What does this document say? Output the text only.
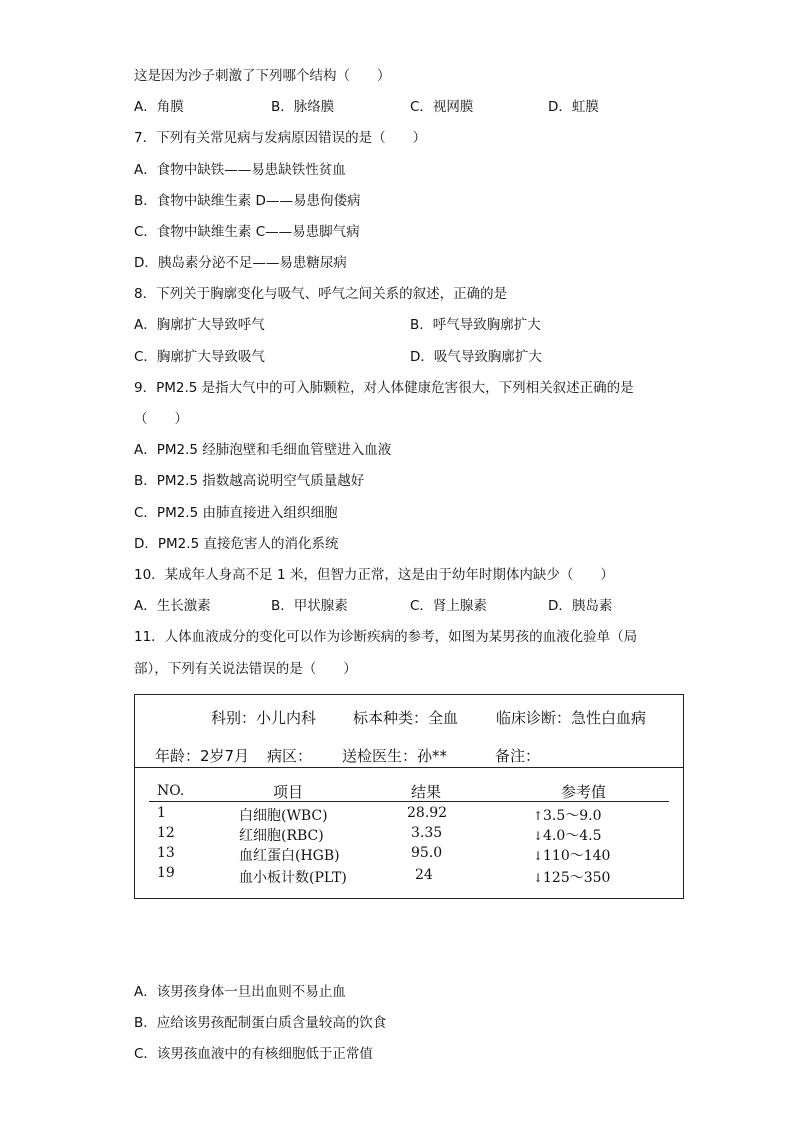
这是因为沙子刺激了下列哪个结构（　　）
A．角膜	B．脉络膜	C．视网膜	D．虹膜
7．下列有关常见病与发病原因错误的是（　　）
A．食物中缺铁——易患缺铁性贫血
B．食物中缺维生素 D——易患佝偻病
C．食物中缺维生素 C——易患脚气病
D．胰岛素分泌不足——易患糖尿病
8．下列关于胸廓变化与吸气、呼气之间关系的叙述，正确的是
A．胸廓扩大导致呼气	B．呼气导致胸廓扩大
C．胸廓扩大导致吸气	D．吸气导致胸廓扩大
9．PM2.5 是指大气中的可入肺颗粒，对人体健康危害很大，下列相关叙述正确的是
（　　）
A．PM2.5 经肺泡壁和毛细血管壁进入血液
B．PM2.5 指数越高说明空气质量越好
C．PM2.5 由肺直接进入组织细胞
D．PM2.5 直接危害人的消化系统
10．某成年人身高不足 1 米，但智力正常，这是由于幼年时期体内缺少（　　）
A．生长激素	B．甲状腺素	C．肾上腺素	D．胰岛素
11．人体血液成分的变化可以作为诊断疾病的参考，如图为某男孩的血液化验单（局
部），下列有关说法错误的是（　　）
科别：小儿内科 标本种类：全血	临床诊断：急性白血病
年龄：2岁7月 病区： 送检医生：孙**	备注：
NO.	项目	结果	参考值
1	白细胞(WBC)	28.92	↑3.5～9.0
12	红细胞(RBC)	3.35	↓4.0～4.5
13	血红蛋白(HGB)	95.0	↓110～140
19	血小板计数(PLT)	24	↓125～350
A．该男孩身体一旦出血则不易止血
B．应给该男孩配制蛋白质含量较高的饮食
C．该男孩血液中的有核细胞低于正常值
